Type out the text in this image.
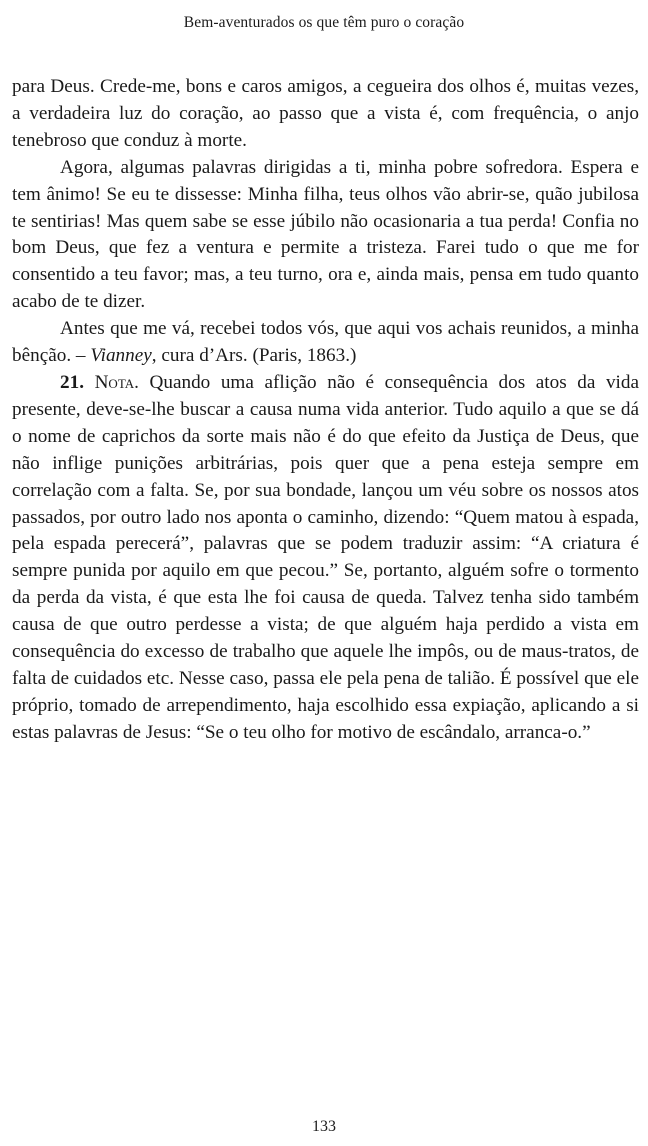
Bem-aventurados os que têm puro o coração

para Deus. Crede-me, bons e caros amigos, a cegueira dos olhos é, muitas vezes, a verdadeira luz do coração, ao passo que a vista é, com frequência, o anjo tenebroso que conduz à morte.

Agora, algumas palavras dirigidas a ti, minha pobre sofredora. Espera e tem ânimo! Se eu te dissesse: Minha filha, teus olhos vão abrir-se, quão jubilosa te sentirias! Mas quem sabe se esse júbilo não ocasionaria a tua perda! Confia no bom Deus, que fez a ventura e permite a tristeza. Farei tudo o que me for consentido a teu favor; mas, a teu turno, ora e, ainda mais, pensa em tudo quanto acabo de te dizer.

Antes que me vá, recebei todos vós, que aqui vos achais reunidos, a minha bênção. – Vianney, cura d’Ars. (Paris, 1863.)

21. Nota. Quando uma aflição não é consequência dos atos da vida presente, deve-se-lhe buscar a causa numa vida anterior. Tudo aquilo a que se dá o nome de caprichos da sorte mais não é do que efeito da Justiça de Deus, que não inflige punições arbitrárias, pois quer que a pena esteja sempre em correlação com a falta. Se, por sua bondade, lançou um véu sobre os nossos atos passados, por outro lado nos aponta o caminho, dizendo: “Quem matou à espada, pela espada perecerá”, palavras que se podem traduzir assim: “A criatura é sempre punida por aquilo em que pecou.” Se, portanto, alguém sofre o tormento da perda da vista, é que esta lhe foi causa de queda. Talvez tenha sido também causa de que outro perdesse a vista; de que alguém haja perdido a vista em consequência do excesso de trabalho que aquele lhe impôs, ou de maus-tratos, de falta de cuidados etc. Nesse caso, passa ele pela pena de talião. É possível que ele próprio, tomado de arrependimento, haja escolhido essa expiação, aplicando a si estas palavras de Jesus: “Se o teu olho for motivo de escândalo, arranca-o.”

133
